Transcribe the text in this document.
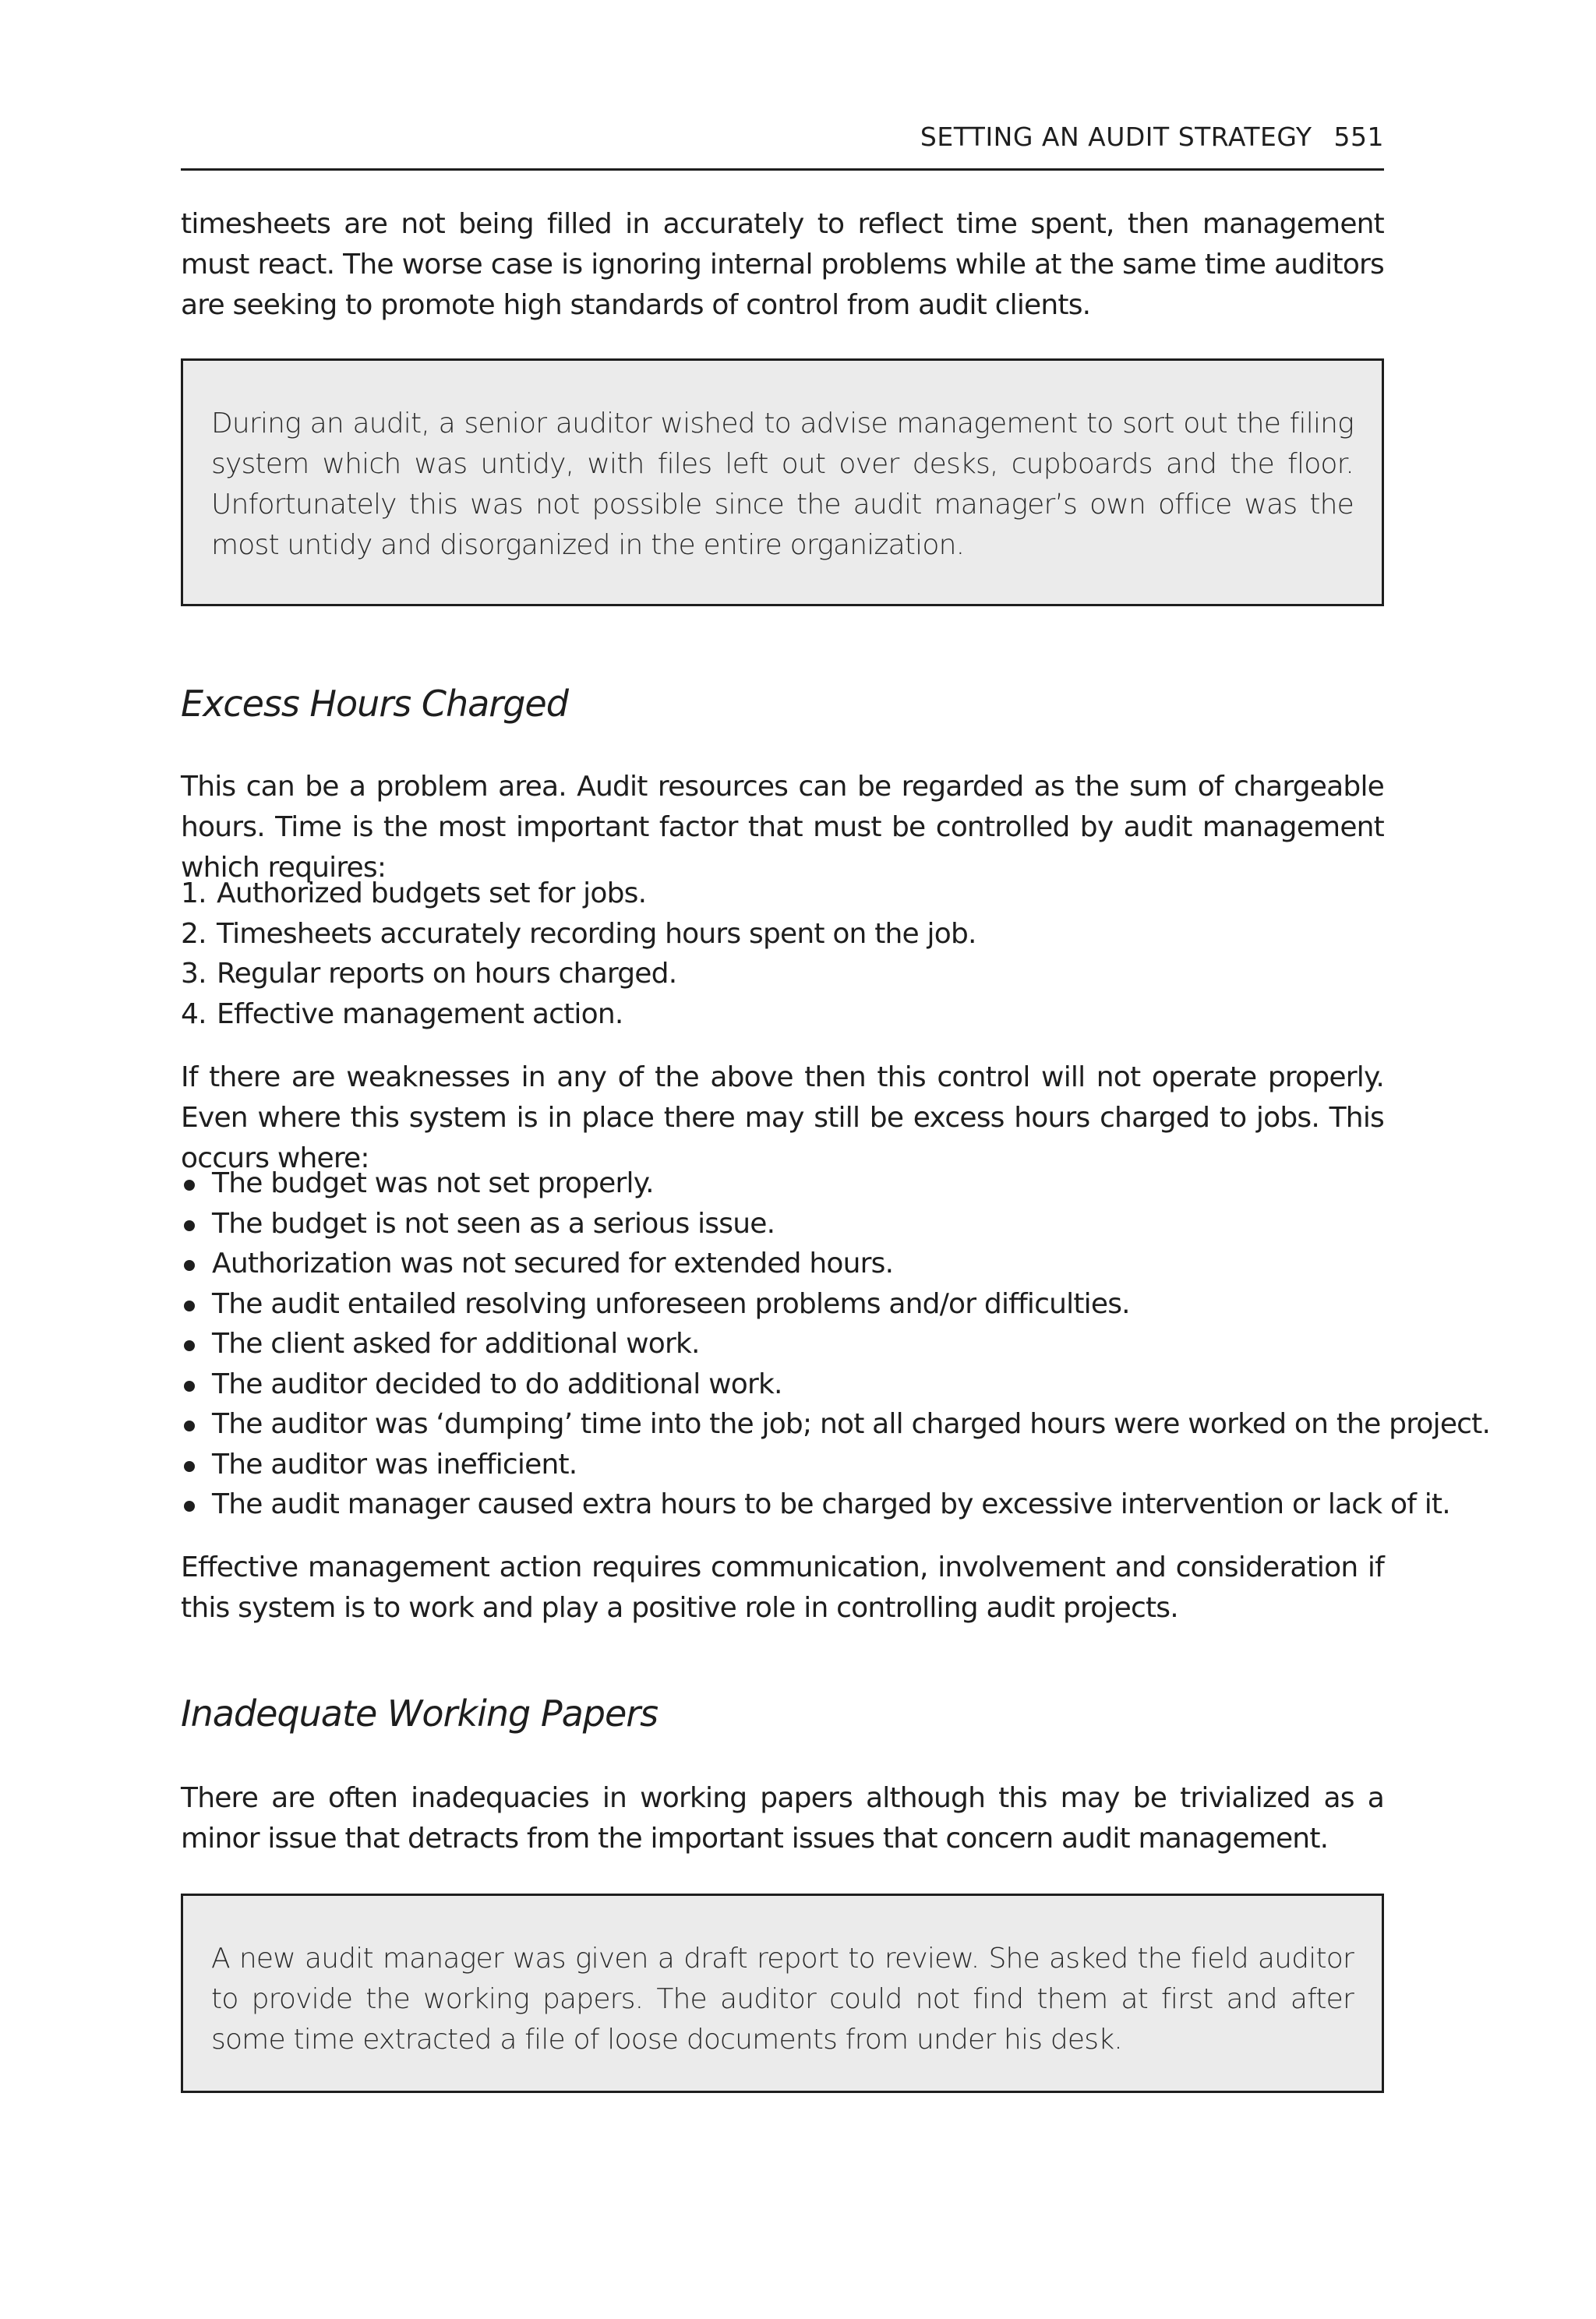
SETTING AN AUDIT STRATEGY 551

timesheets are not being filled in accurately to reflect time spent, then management must react. The worse case is ignoring internal problems while at the same time auditors are seeking to promote high standards of control from audit clients.

During an audit, a senior auditor wished to advise management to sort out the filing system which was untidy, with files left out over desks, cupboards and the floor. Unfortunately this was not possible since the audit manager’s own office was the most untidy and disorganized in the entire organization.

Excess Hours Charged

This can be a problem area. Audit resources can be regarded as the sum of chargeable hours. Time is the most important factor that must be controlled by audit management which requires:

1. Authorized budgets set for jobs.
2. Timesheets accurately recording hours spent on the job.
3. Regular reports on hours charged.
4. Effective management action.

If there are weaknesses in any of the above then this control will not operate properly. Even where this system is in place there may still be excess hours charged to jobs. This occurs where:

The budget was not set properly.
The budget is not seen as a serious issue.
Authorization was not secured for extended hours.
The audit entailed resolving unforeseen problems and/or difficulties.
The client asked for additional work.
The auditor decided to do additional work.
The auditor was ‘dumping’ time into the job; not all charged hours were worked on the project.
The auditor was inefficient.
The audit manager caused extra hours to be charged by excessive intervention or lack of it.

Effective management action requires communication, involvement and consideration if this system is to work and play a positive role in controlling audit projects.

Inadequate Working Papers

There are often inadequacies in working papers although this may be trivialized as a minor issue that detracts from the important issues that concern audit management.

A new audit manager was given a draft report to review. She asked the field auditor to provide the working papers. The auditor could not find them at first and after some time extracted a file of loose documents from under his desk.
